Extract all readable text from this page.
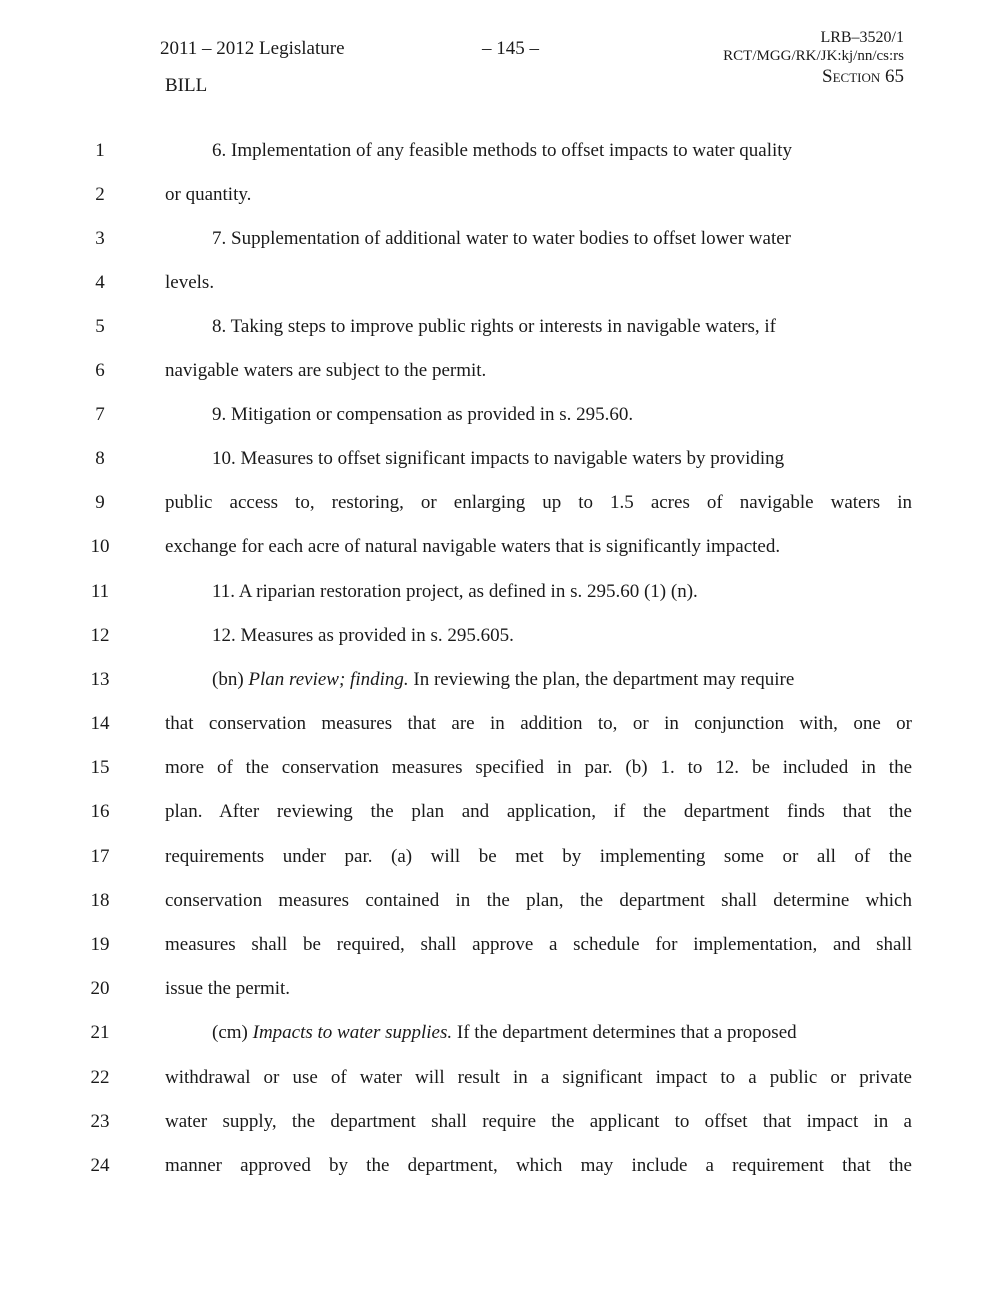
2011 – 2012 Legislature	– 145 –
BILL
LRB–3520/1
RCT/MGG/RK/JK:kj/nn/cs:rs
Section 65
1	6. Implementation of any feasible methods to offset impacts to water quality
2	or quantity.
3	7. Supplementation of additional water to water bodies to offset lower water
4	levels.
5	8. Taking steps to improve public rights or interests in navigable waters, if
6	navigable waters are subject to the permit.
7	9. Mitigation or compensation as provided in s. 295.60.
8	10. Measures to offset significant impacts to navigable waters by providing
9	public access to, restoring, or enlarging up to 1.5 acres of navigable waters in
10	exchange for each acre of natural navigable waters that is significantly impacted.
11	11. A riparian restoration project, as defined in s. 295.60 (1) (n).
12	12. Measures as provided in s. 295.605.
13	(bn) Plan review; finding. In reviewing the plan, the department may require
14	that conservation measures that are in addition to, or in conjunction with, one or
15	more of the conservation measures specified in par. (b) 1. to 12. be included in the
16	plan. After reviewing the plan and application, if the department finds that the
17	requirements under par. (a) will be met by implementing some or all of the
18	conservation measures contained in the plan, the department shall determine which
19	measures shall be required, shall approve a schedule for implementation, and shall
20	issue the permit.
21	(cm) Impacts to water supplies. If the department determines that a proposed
22	withdrawal or use of water will result in a significant impact to a public or private
23	water supply, the department shall require the applicant to offset that impact in a
24	manner approved by the department, which may include a requirement that the
